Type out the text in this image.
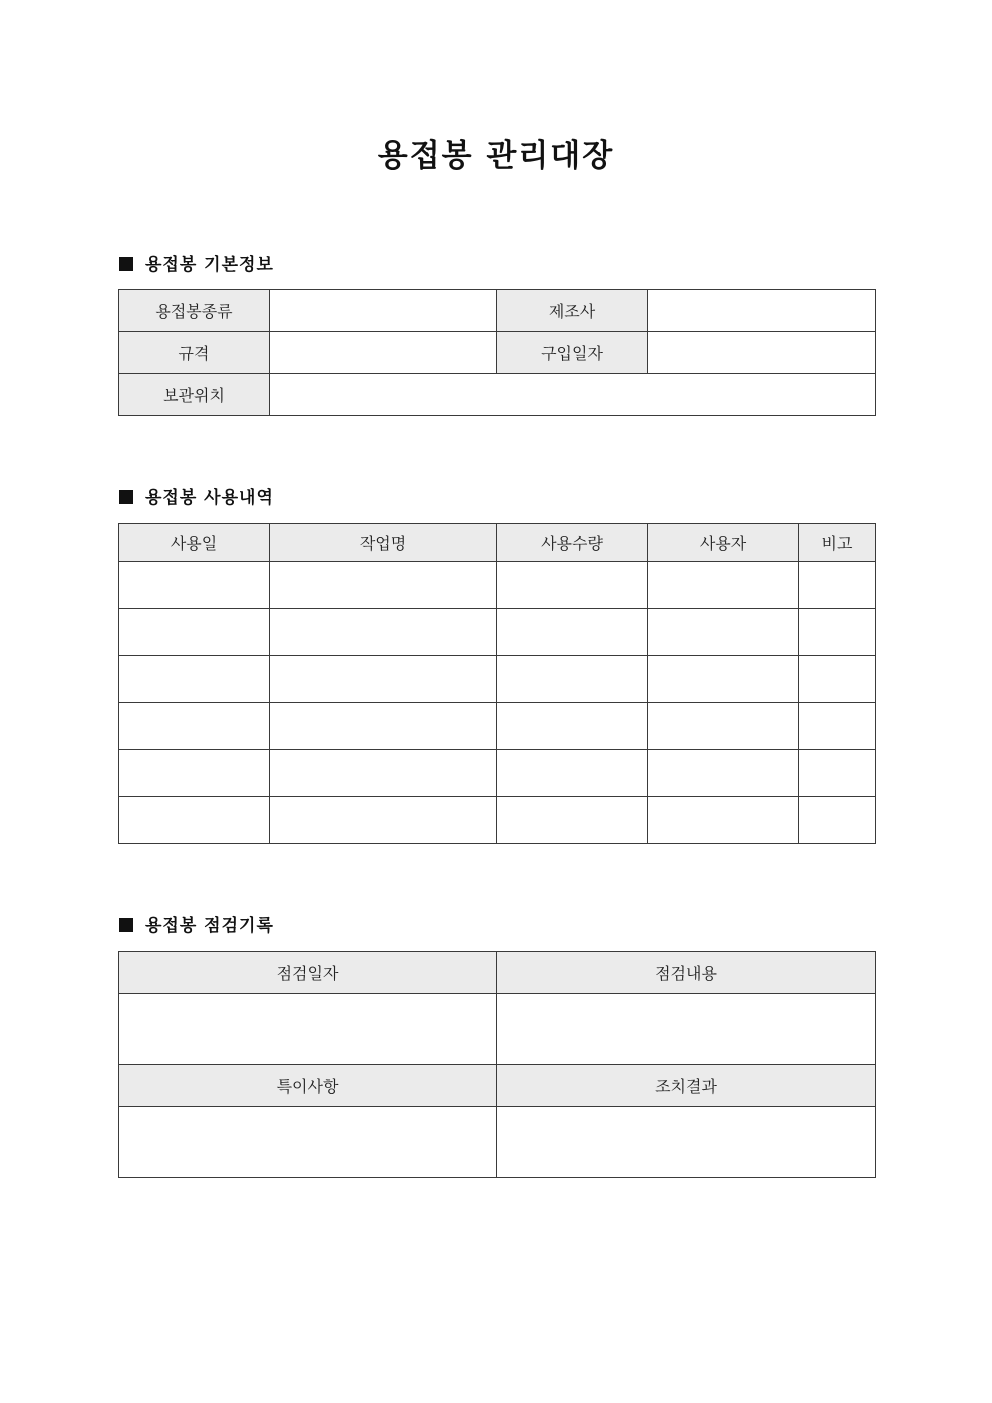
용접봉 관리대장
용접봉 기본정보
용접봉종류		제조사	
규격		구입일자	
보관위치			
용접봉 사용내역
사용일	작업명	사용수량	사용자	비고

용접봉 점검기록
점검일자	점검내용

특이사항	조치결과
